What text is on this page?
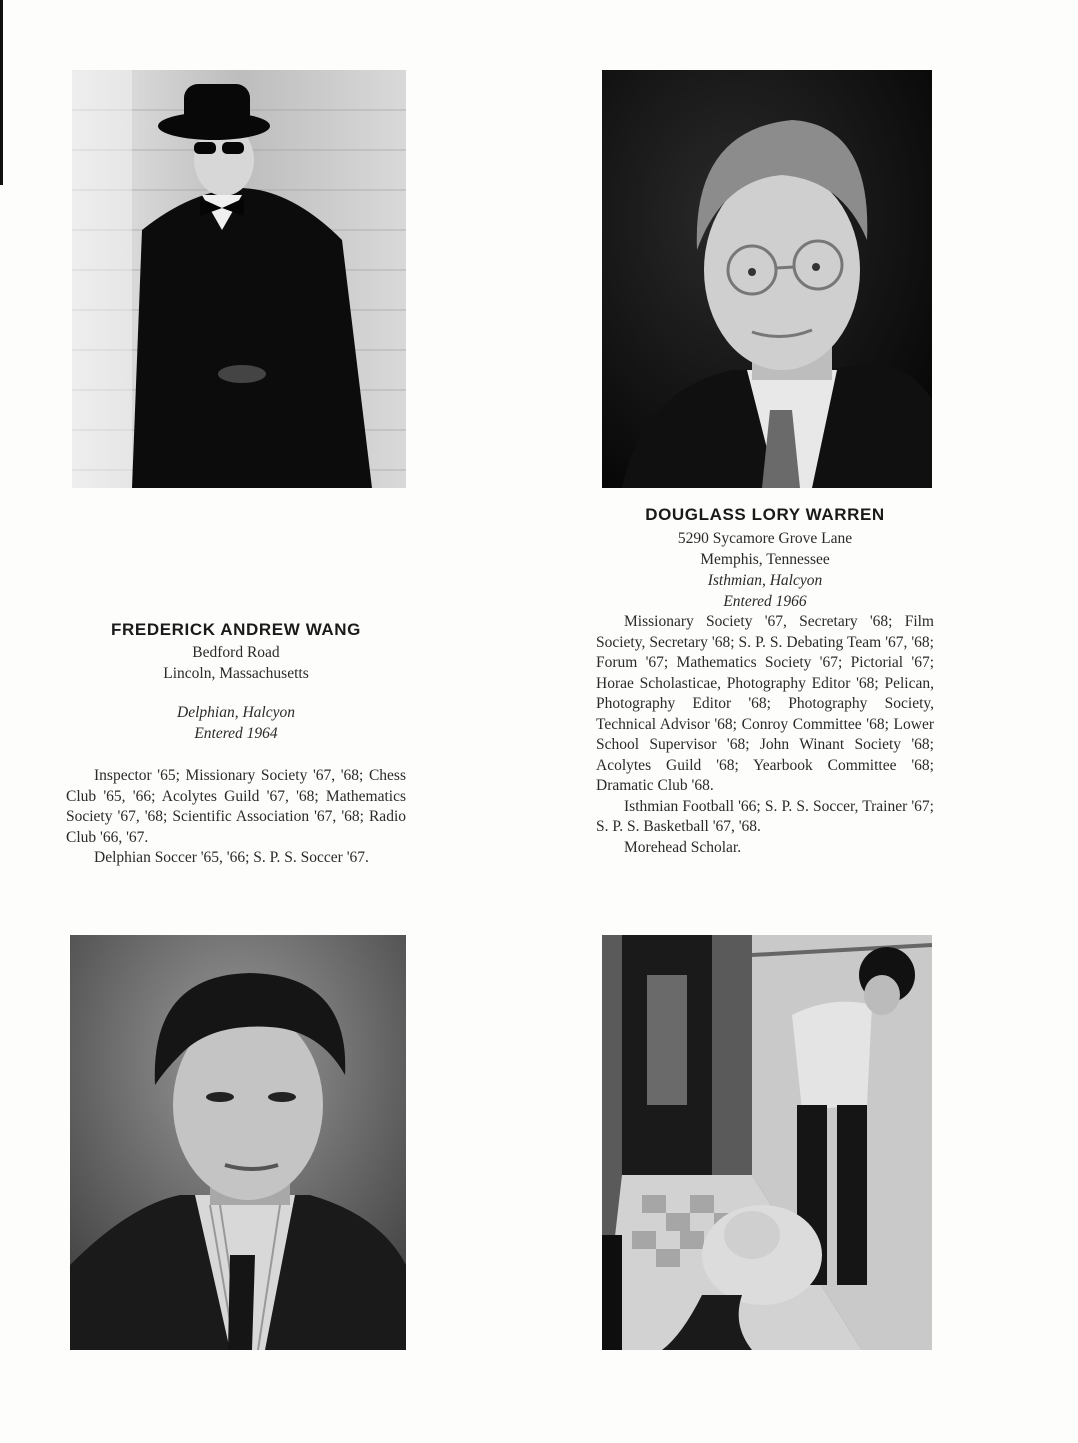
FREDERICK ANDREW WANG
Bedford Road
Lincoln, Massachusetts
Delphian, Halcyon
Entered 1964

Inspector '65; Missionary Society '67, '68; Chess Club '65, '66; Acolytes Guild '67, '68; Mathematics Society '67, '68; Scientific Association '67, '68; Radio Club '66, '67.

Delphian Soccer '65, '66; S. P. S. Soccer '67.

DOUGLASS LORY WARREN
5290 Sycamore Grove Lane
Memphis, Tennessee
Isthmian, Halcyon
Entered 1966

Missionary Society '67, Secretary '68; Film Society, Secretary '68; S. P. S. Debating Team '67, '68; Forum '67; Mathematics Society '67; Pictorial '67; Horae Scholasticae, Photography Editor '68; Pelican, Photography Editor '68; Photography Society, Technical Advisor '68; Conroy Committee '68; Lower School Supervisor '68; John Winant Society '68; Acolytes Guild '68; Yearbook Committee '68; Dramatic Club '68.

Isthmian Football '66; S. P. S. Soccer, Trainer '67; S. P. S. Basketball '67, '68.

Morehead Scholar.
